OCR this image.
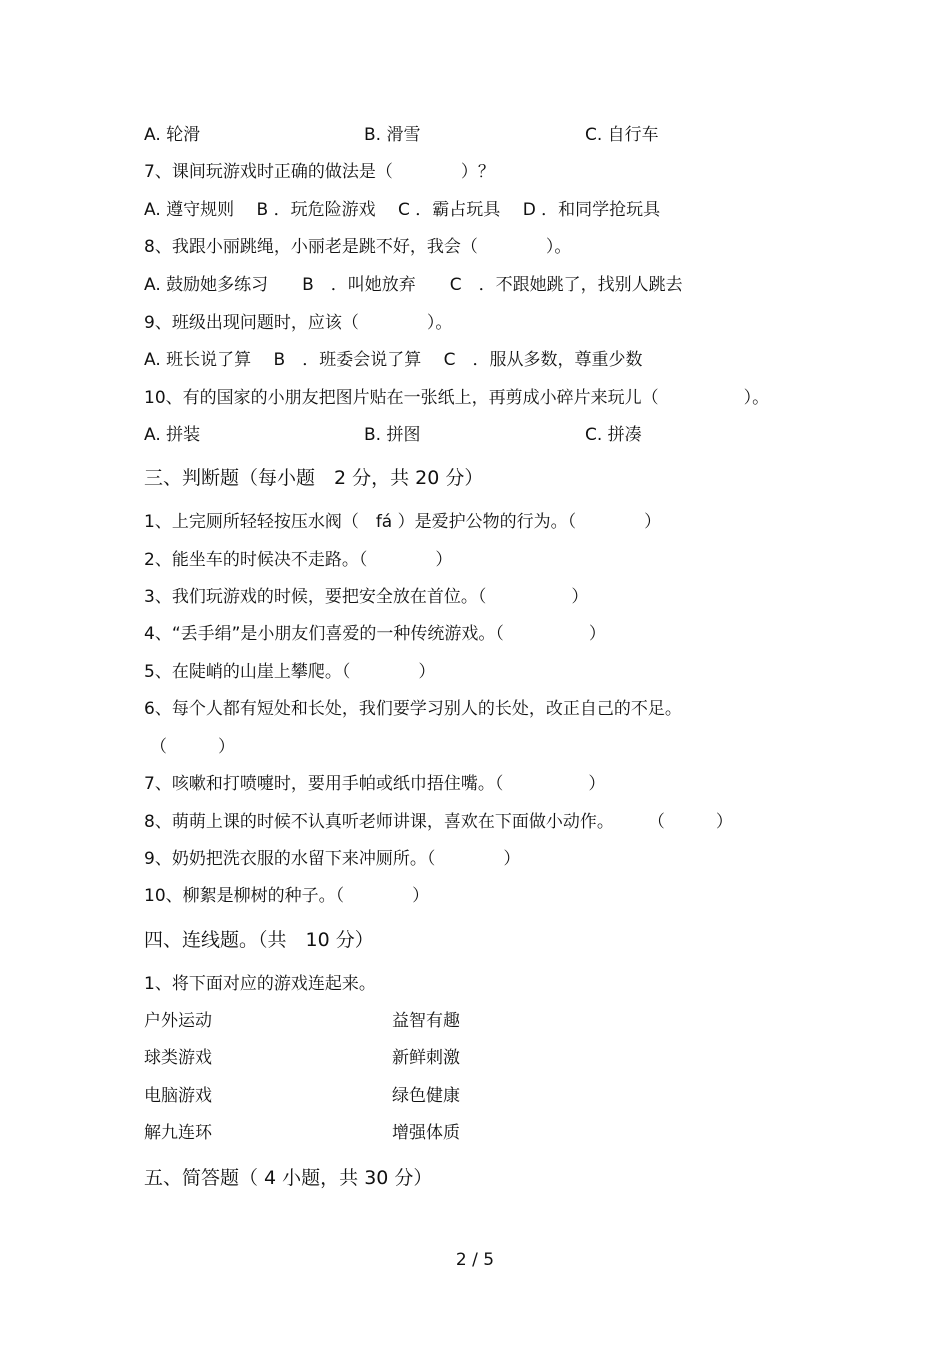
A. 轮滑	B. 滑雪	C. 自行车
7、课间玩游戏时正确的做法是（　　　　）？
A. 遵守规则　 B ．玩危险游戏　 C ．霸占玩具　 D ．和同学抢玩具
8、我跟小丽跳绳，小丽老是跳不好，我会（　　　　）。
A. 鼓励她多练习　　B　．叫她放弃　　C　．不跟她跳了，找别人跳去
9、班级出现问题时，应该（　　　　）。
A. 班长说了算　 B　．班委会说了算　 C　．服从多数，尊重少数
10、有的国家的小朋友把图片贴在一张纸上，再剪成小碎片来玩儿（　　　　　）。
A. 拼装	B. 拼图	C. 拼凑
三、判断题（每小题　2 分，共 20 分）
1、上完厕所轻轻按压水阀（　fá ）是爱护公物的行为。（　　　　）
2、能坐车的时候决不走路。（　　　　）
3、我们玩游戏的时候，要把安全放在首位。（　　　　　）
4、“丢手绢”是小朋友们喜爱的一种传统游戏。（　　　　　）
5、在陡峭的山崖上攀爬。（　　　　）
6、每个人都有短处和长处，我们要学习别人的长处，改正自己的不足。
（　　　）
7、咳嗽和打喷嚏时，要用手帕或纸巾捂住嘴。（　　　　　）
8、萌萌上课的时候不认真听老师讲课，喜欢在下面做小动作。　　　（　　　）
9、奶奶把洗衣服的水留下来冲厕所。（　　　　）
10、柳絮是柳树的种子。（　　　　）
四、连线题。（共　10 分）
1、将下面对应的游戏连起来。
户外运动	益智有趣
球类游戏	新鲜刺激
电脑游戏	绿色健康
解九连环	增强体质
五、简答题（ 4 小题，共 30 分）
2 / 5
